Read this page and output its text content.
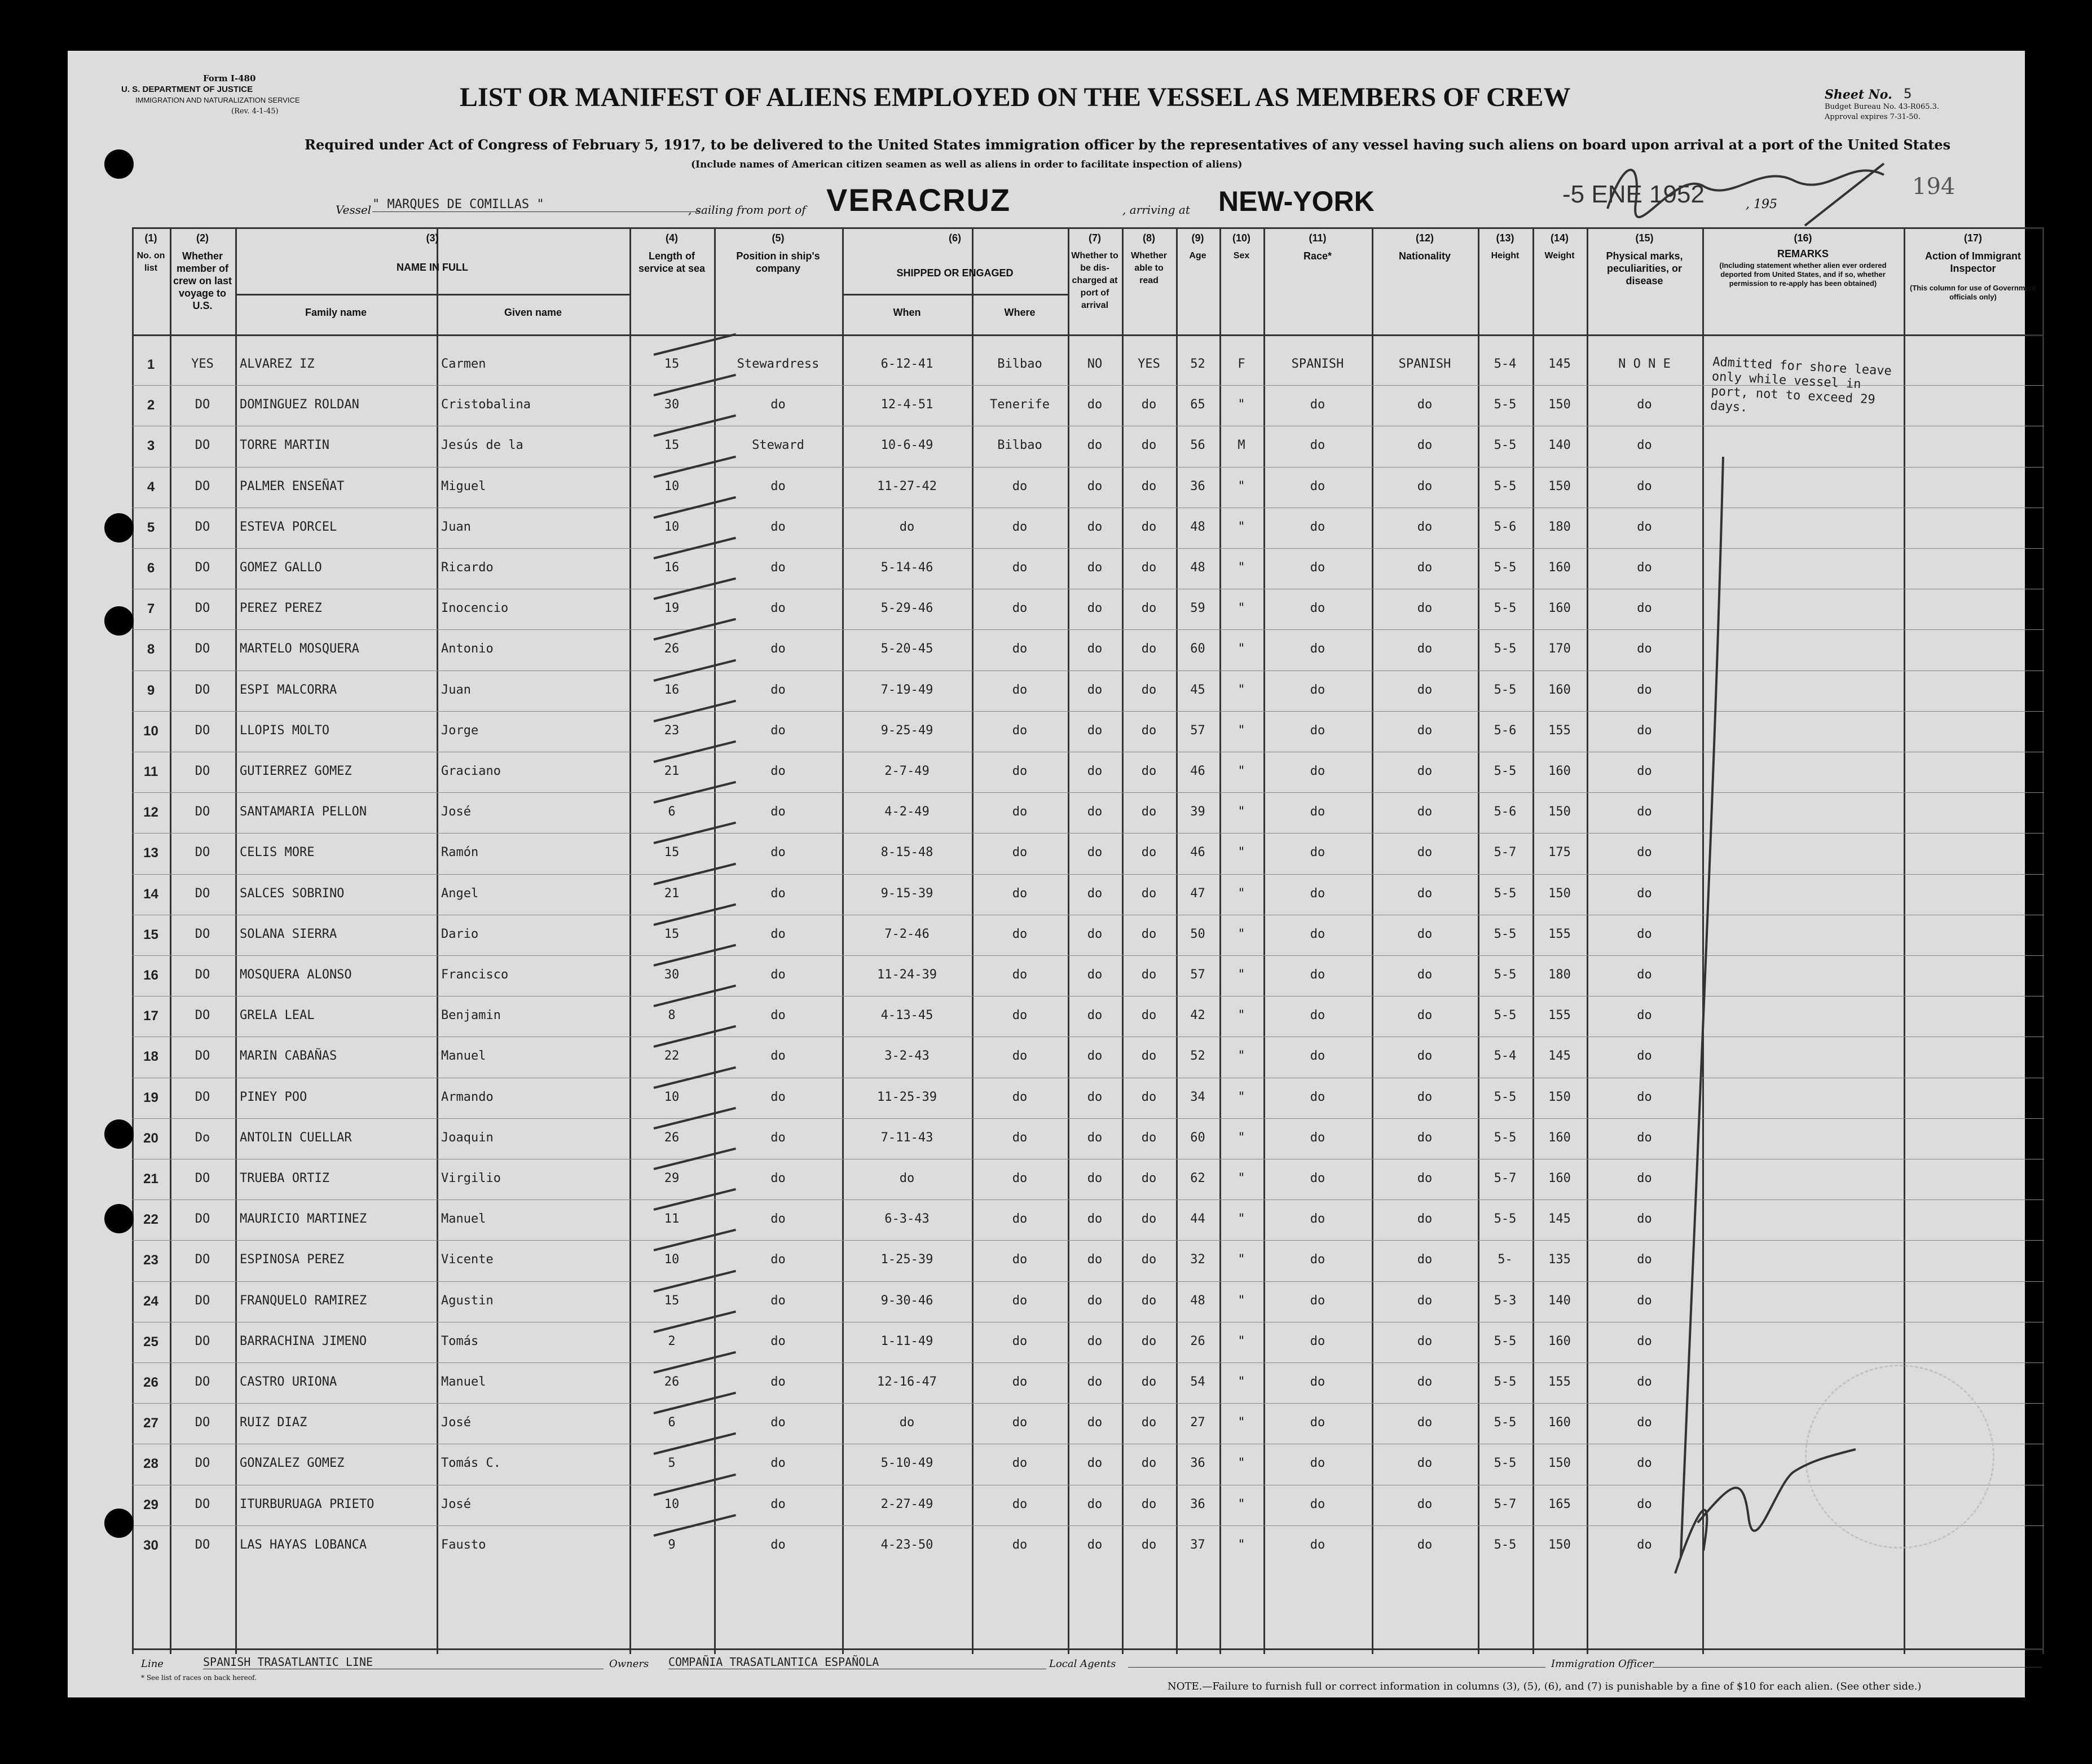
Form I-480
U. S. DEPARTMENT OF JUSTICE
IMMIGRATION AND NATURALIZATION SERVICE
(Rev. 4-1-45)	LIST OR MANIFEST OF ALIENS EMPLOYED ON THE VESSEL AS MEMBERS OF CREW	Sheet No. 5
Budget Bureau No. 43-R065.3.
Approval expires 7-31-50.
Required under Act of Congress of February 5, 1917, to be delivered to the United States immigration officer by the representatives of any vessel having such aliens on board upon arrival at a port of the United States
(Include names of American citizen seamen as well as aliens in order to facilitate inspection of aliens)
194
Vessel " MARQUES DE COMILLAS "	, sailing from port of VERACRUZ	, arriving at NEW-YORK	-5 ENE 1952	, 195
(1)
No. on list
(2)
Whether member of crew on last voyage to U.S.
(4)
Length of service at sea
(5)
Position in ship's company
(7)
Whether to be dis-charged at port of arrival
(8)
Whether able to read
(9)
Age
(10)
Sex
(11)
Race*
(12)
Nationality
(13)
Height
(14)
Weight
(15)
Physical marks, peculiarities, or disease
(3)
NAME IN FULL
Family name	Given name
(6)
SHIPPED OR ENGAGED
When	Where
(16)
REMARKS
(Including statement whether alien ever ordered deported from United States, and if so, whether permission to re-apply has been obtained)
(17)
Action of Immigrant Inspector
(This column for use of Government officials only)
1	YES	ALVAREZ IZ	Carmen	15	Stewardress	6-12-41	Bilbao	NO	YES	52	F	SPANISH	SPANISH	5-4	145	N O N E
2	DO	DOMINGUEZ ROLDAN	Cristobalina	30	do	12-4-51	Tenerife	do	do	65	"	do	do	5-5	150	do
3	DO	TORRE MARTIN	Jesús de la	15	Steward	10-6-49	Bilbao	do	do	56	M	do	do	5-5	140	do
4	DO	PALMER ENSEÑAT	Miguel	10	do	11-27-42	do	do	do	36	"	do	do	5-5	150	do
5	DO	ESTEVA PORCEL	Juan	10	do	do	do	do	do	48	"	do	do	5-6	180	do
6	DO	GOMEZ GALLO	Ricardo	16	do	5-14-46	do	do	do	48	"	do	do	5-5	160	do
7	DO	PEREZ PEREZ	Inocencio	19	do	5-29-46	do	do	do	59	"	do	do	5-5	160	do
8	DO	MARTELO MOSQUERA	Antonio	26	do	5-20-45	do	do	do	60	"	do	do	5-5	170	do
9	DO	ESPI MALCORRA	Juan	16	do	7-19-49	do	do	do	45	"	do	do	5-5	160	do
10	DO	LLOPIS MOLTO	Jorge	23	do	9-25-49	do	do	do	57	"	do	do	5-6	155	do
11	DO	GUTIERREZ GOMEZ	Graciano	21	do	2-7-49	do	do	do	46	"	do	do	5-5	160	do
12	DO	SANTAMARIA PELLON	José	6	do	4-2-49	do	do	do	39	"	do	do	5-6	150	do
13	DO	CELIS MORE	Ramón	15	do	8-15-48	do	do	do	46	"	do	do	5-7	175	do
14	DO	SALCES SOBRINO	Angel	21	do	9-15-39	do	do	do	47	"	do	do	5-5	150	do
15	DO	SOLANA SIERRA	Dario	15	do	7-2-46	do	do	do	50	"	do	do	5-5	155	do
16	DO	MOSQUERA ALONSO	Francisco	30	do	11-24-39	do	do	do	57	"	do	do	5-5	180	do
17	DO	GRELA LEAL	Benjamin	8	do	4-13-45	do	do	do	42	"	do	do	5-5	155	do
18	DO	MARIN CABAÑAS	Manuel	22	do	3-2-43	do	do	do	52	"	do	do	5-4	145	do
19	DO	PINEY POO	Armando	10	do	11-25-39	do	do	do	34	"	do	do	5-5	150	do
20	Do	ANTOLIN CUELLAR	Joaquin	26	do	7-11-43	do	do	do	60	"	do	do	5-5	160	do
21	DO	TRUEBA ORTIZ	Virgilio	29	do	do	do	do	do	62	"	do	do	5-7	160	do
22	DO	MAURICIO MARTINEZ	Manuel	11	do	6-3-43	do	do	do	44	"	do	do	5-5	145	do
23	DO	ESPINOSA PEREZ	Vicente	10	do	1-25-39	do	do	do	32	"	do	do	5-	135	do
24	DO	FRANQUELO RAMIREZ	Agustin	15	do	9-30-46	do	do	do	48	"	do	do	5-3	140	do
25	DO	BARRACHINA JIMENO	Tomás	2	do	1-11-49	do	do	do	26	"	do	do	5-5	160	do
26	DO	CASTRO URIONA	Manuel	26	do	12-16-47	do	do	do	54	"	do	do	5-5	155	do
27	DO	RUIZ DIAZ	José	6	do	do	do	do	do	27	"	do	do	5-5	160	do
28	DO	GONZALEZ GOMEZ	Tomás C.	5	do	5-10-49	do	do	do	36	"	do	do	5-5	150	do
29	DO	ITURBURUAGA PRIETO	José	10	do	2-27-49	do	do	do	36	"	do	do	5-7	165	do
30	DO	LAS HAYAS LOBANCA	Fausto	9	do	4-23-50	do	do	do	37	"	do	do	5-5	150	do
Admitted for shore leave only while vessel in port, not to exceed 29 days.
Line	SPANISH TRASATLANTIC LINE	Owners COMPAÑIA TRASATLANTICA ESPAÑOLA	Local Agents	Immigration Officer
* See list of races on back hereof.
NOTE.—Failure to furnish full or correct information in columns (3), (5), (6), and (7) is punishable by a fine of $10 for each alien. (See other side.)
